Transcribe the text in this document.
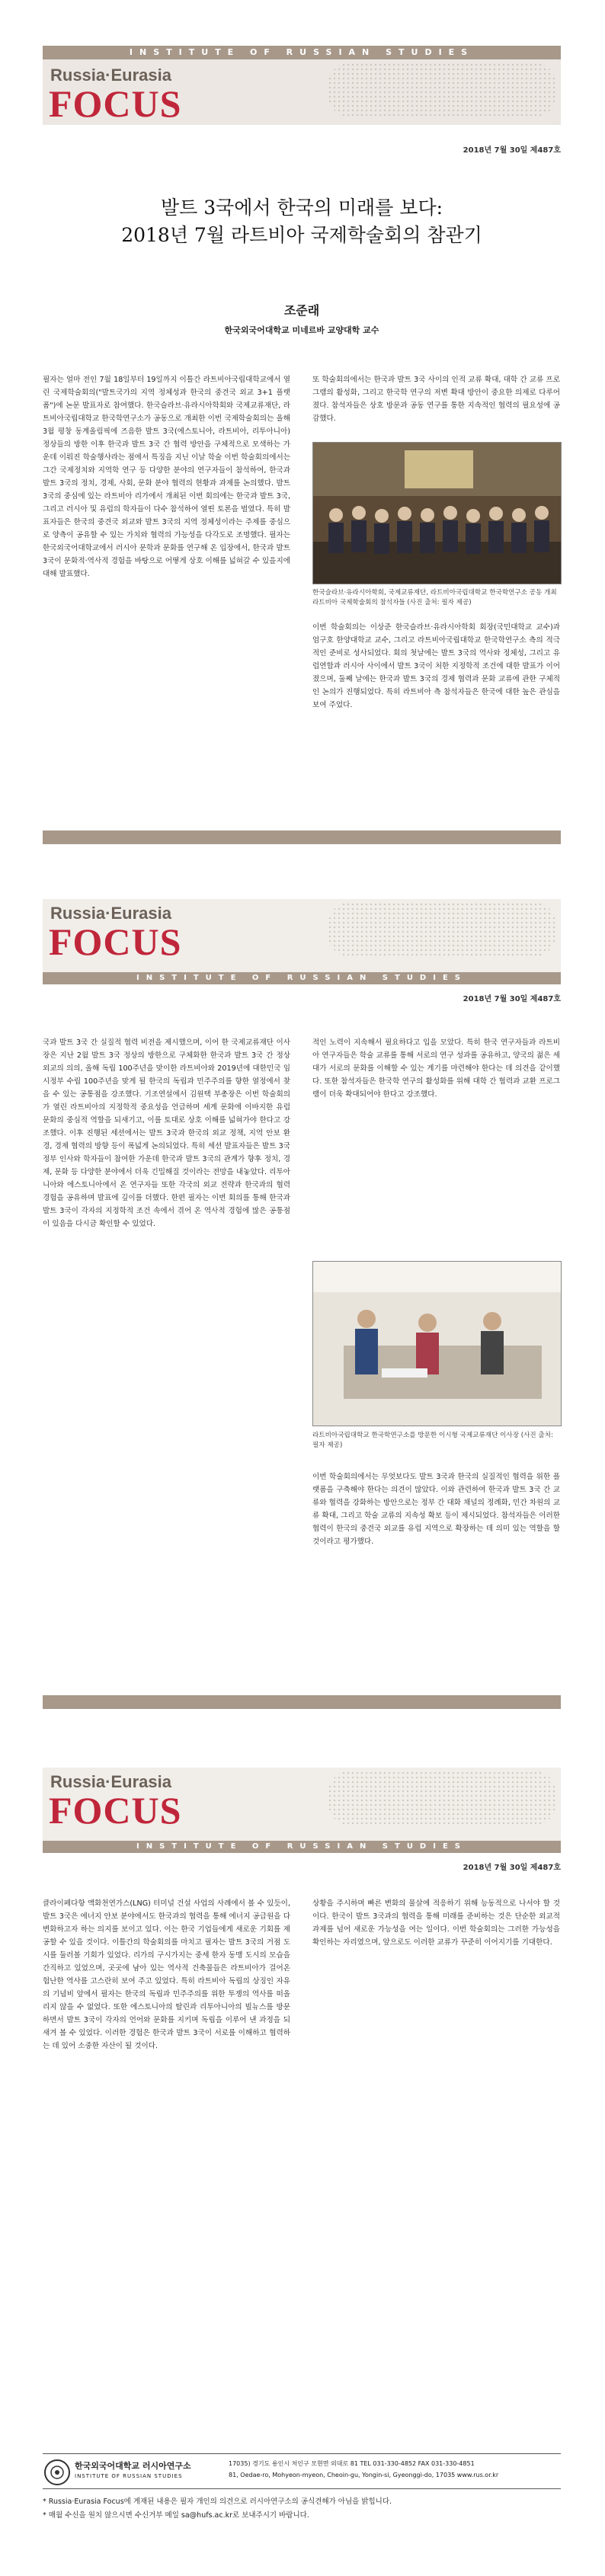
INSTITUTE OF RUSSIAN STUDIES
Russia·Eurasia
FOCUS
2018년 7월 30일 제487호
발트 3국에서 한국의 미래를 보다:
2018년 7월 라트비아 국제학술회의 참관기
조준래
한국외국어대학교 미네르바 교양대학 교수
필자는 얼마 전인 7월 18일부터 19일까지 이틀간 라트비아국립대학교에서 열린 국제학술회의("발트국가의 지역 정체성과 한국의 중견국 외교 3+1 플랫폼")에 논문 발표자로 참여했다. 한국슬라브·유라시아학회와 국제교류재단, 라트비아국립대학교 한국학연구소가 공동으로 개최한 이번 국제학술회의는 올해 3월 평창 동계올림픽에 즈음한 발트 3국(에스토니아, 라트비아, 리투아니아) 정상들의 방한 이후 한국과 발트 3국 간 협력 방안을 구체적으로 모색하는 가운데 이뤄진 학술행사라는 점에서 특징을 지닌 이날 학술 이번 학술회의에서는 그간 국제정치와 지역학 연구 등 다양한 분야의 연구자들이 참석하여, 한국과 발트 3국의 정치, 경제, 사회, 문화 분야 협력의 현황과 과제를 논의했다. 발트 3국의 중심에 있는 라트비아 리가에서 개최된 이번 회의에는 한국과 발트 3국, 그리고 러시아 및 유럽의 학자들이 다수 참석하여 열띤 토론을 벌였다. 특히 발표자들은 한국의 중견국 외교와 발트 3국의 지역 정체성이라는 주제를 중심으로 양측이 공유할 수 있는 가치와 협력의 가능성을 다각도로 조명했다. 필자는 한국외국어대학교에서 러시아 문학과 문화를 연구해 온 입장에서, 한국과 발트 3국이 문화적·역사적 경험을 바탕으로 어떻게 상호 이해를 넓혀갈 수 있을지에 대해 발표했다.
또 학술회의에서는 한국과 발트 3국 사이의 인적 교류 확대, 대학 간 교류 프로그램의 활성화, 그리고 한국학 연구의 저변 확대 방안이 중요한 의제로 다루어졌다. 참석자들은 상호 방문과 공동 연구를 통한 지속적인 협력의 필요성에 공감했다.
한국슬라브·유라시아학회, 국제교류재단, 라트비아국립대학교 한국학연구소 공동 개최 라트비아 국제학술회의 참석자들 (사진 출처: 필자 제공)
이번 학술회의는 이상준 한국슬라브·유라시아학회 회장(국민대학교 교수)과 엄구호 한양대학교 교수, 그리고 라트비아국립대학교 한국학연구소 측의 적극적인 준비로 성사되었다. 회의 첫날에는 발트 3국의 역사와 정체성, 그리고 유럽연합과 러시아 사이에서 발트 3국이 처한 지정학적 조건에 대한 발표가 이어졌으며, 둘째 날에는 한국과 발트 3국의 경제 협력과 문화 교류에 관한 구체적인 논의가 진행되었다. 특히 라트비아 측 참석자들은 한국에 대한 높은 관심을 보여 주었다.
Russia·Eurasia
FOCUS
INSTITUTE OF RUSSIAN STUDIES
2018년 7월 30일 제487호
국과 발트 3국 간 실질적 협력 비전을 제시했으며, 이어 한 국제교류재단 이사장은 지난 2월 발트 3국 정상의 방한으로 구체화한 한국과 발트 3국 간 정상 외교의 의의, 올해 독립 100주년을 맞이한 라트비아와 2019년에 대한민국 임시정부 수립 100주년을 맞게 될 한국의 독립과 민주주의를 향한 열정에서 찾을 수 있는 공통점을 강조했다. 기조연설에서 김원택 부총장은 이번 학술회의가 열린 라트비아의 지정학적 중요성을 언급하며 세계 문화에 이바지한 유럽 문화의 중심적 역할을 되새기고, 이를 토대로 상호 이해를 넓혀가야 한다고 강조했다. 이후 진행된 세션에서는 발트 3국과 한국의 외교 정책, 지역 안보 환경, 경제 협력의 방향 등이 폭넓게 논의되었다. 특히 세션 발표자들은 발트 3국 정부 인사와 학자들이 참여한 가운데 한국과 발트 3국의 관계가 향후 정치, 경제, 문화 등 다양한 분야에서 더욱 긴밀해질 것이라는 전망을 내놓았다. 리투아니아와 에스토니아에서 온 연구자들 또한 각국의 외교 전략과 한국과의 협력 경험을 공유하며 발표에 깊이를 더했다. 한편 필자는 이번 회의를 통해 한국과 발트 3국이 각자의 지정학적 조건 속에서 겪어 온 역사적 경험에 많은 공통점이 있음을 다시금 확인할 수 있었다.
적인 노력이 지속해서 필요하다고 입을 모았다. 특히 한국 연구자들과 라트비아 연구자들은 학술 교류를 통해 서로의 연구 성과를 공유하고, 양국의 젊은 세대가 서로의 문화를 이해할 수 있는 계기를 마련해야 한다는 데 의견을 같이했다. 또한 참석자들은 한국학 연구의 활성화를 위해 대학 간 협력과 교환 프로그램이 더욱 확대되어야 한다고 강조했다.
라트비아국립대학교 한국학연구소를 방문한 이시형 국제교류재단 이사장 (사진 출처: 필자 제공)
이번 학술회의에서는 무엇보다도 발트 3국과 한국의 실질적인 협력을 위한 플랫폼을 구축해야 한다는 의견이 많았다. 이와 관련하여 한국과 발트 3국 간 교류와 협력을 강화하는 방안으로는 정부 간 대화 채널의 정례화, 민간 차원의 교류 확대, 그리고 학술 교류의 지속성 확보 등이 제시되었다. 참석자들은 이러한 협력이 한국의 중견국 외교를 유럽 지역으로 확장하는 데 의미 있는 역할을 할 것이라고 평가했다.
Russia·Eurasia
FOCUS
INSTITUTE OF RUSSIAN STUDIES
2018년 7월 30일 제487호
클라이페다항 액화천연가스(LNG) 터미널 건설 사업의 사례에서 볼 수 있듯이, 발트 3국은 에너지 안보 분야에서도 한국과의 협력을 통해 에너지 공급원을 다변화하고자 하는 의지를 보이고 있다. 이는 한국 기업들에게 새로운 기회를 제공할 수 있을 것이다. 이틀간의 학술회의를 마치고 필자는 발트 3국의 거점 도시를 둘러볼 기회가 있었다. 리가의 구시가지는 중세 한자 동맹 도시의 모습을 간직하고 있었으며, 곳곳에 남아 있는 역사적 건축물들은 라트비아가 걸어온 험난한 역사를 고스란히 보여 주고 있었다. 특히 라트비아 독립의 상징인 자유의 기념비 앞에서 필자는 한국의 독립과 민주주의를 위한 투쟁의 역사를 떠올리지 않을 수 없었다. 또한 에스토니아의 탈린과 리투아니아의 빌뉴스를 방문하면서 발트 3국이 각자의 언어와 문화를 지키며 독립을 이루어 낸 과정을 되새겨 볼 수 있었다. 이러한 경험은 한국과 발트 3국이 서로를 이해하고 협력하는 데 있어 소중한 자산이 될 것이다.
상황을 주시하며 빠른 변화의 물살에 적응하기 위해 능동적으로 나서야 할 것이다. 한국이 발트 3국과의 협력을 통해 미래를 준비하는 것은 단순한 외교적 과제를 넘어 새로운 가능성을 여는 일이다. 이번 학술회의는 그러한 가능성을 확인하는 자리였으며, 앞으로도 이러한 교류가 꾸준히 이어지기를 기대한다.
한국외국어대학교 러시아연구소
INSTITUTE OF RUSSIAN STUDIES
17035) 경기도 용인시 처인구 모현면 외대로 81 TEL 031-330-4852 FAX 031-330-4851
81, Oedae-ro, Mohyeon-myeon, Cheoin-gu, Yongin-si, Gyeonggi-do, 17035 www.rus.or.kr
* Russia·Eurasia Focus에 게재된 내용은 필자 개인의 의견으로 러시아연구소의 공식견해가 아님을 밝힙니다.
* 매월 수신을 원치 않으시면 수신거부 메일 sa@hufs.ac.kr로 보내주시기 바랍니다.
